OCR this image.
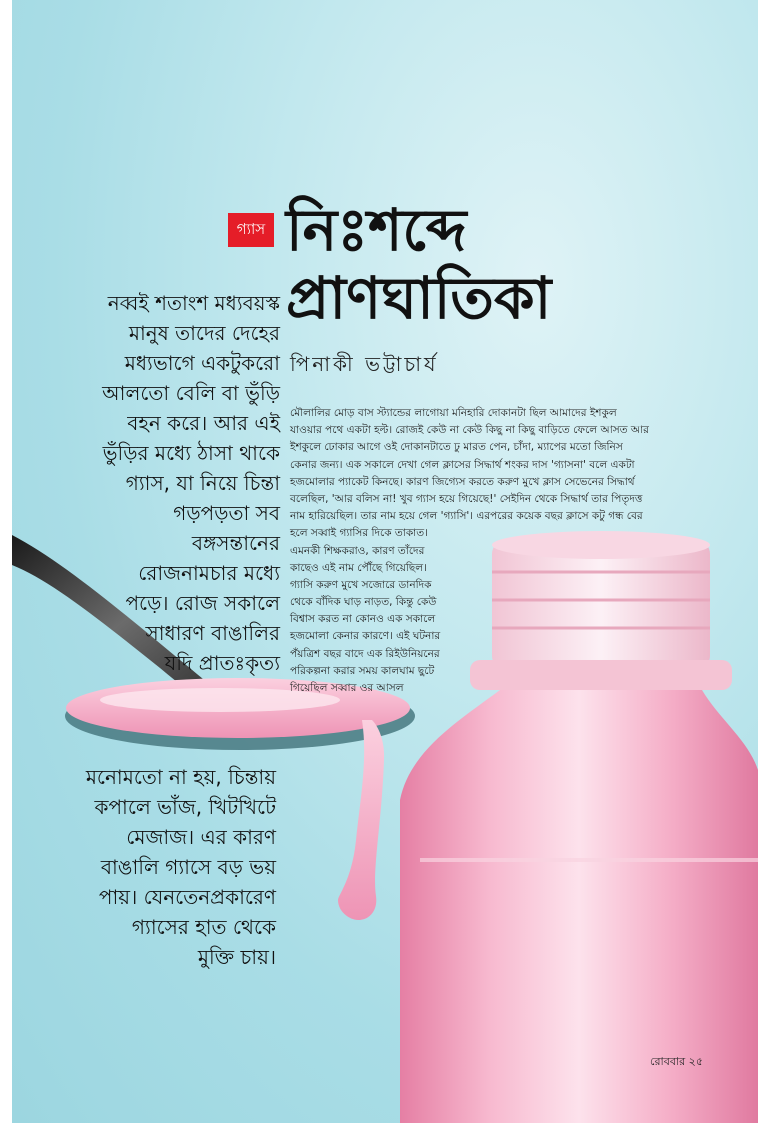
গ্যাস নিঃশব্দে
প্রাণঘাতিকা
পিনাকী ভট্টাচার্য
নব্বই শতাংশ মধ্যবয়স্ক
মানুষ তাদের দেহের
মধ্যভাগে একটুকরো
আলতো বেলি বা ভুঁড়ি
বহন করে। আর এই
ভুঁড়ির মধ্যে ঠাসা থাকে
গ্যাস, যা নিয়ে চিন্তা
গড়পড়তা সব
বঙ্গসন্তানের
রোজনামচার মধ্যে
পড়ে। রোজ সকালে
সাধারণ বাঙালির
যদি প্রাতঃকৃত্য
মনোমতো না হয়, চিন্তায়
কপালে ভাঁজ, খিটখিটে
মেজাজ। এর কারণ
বাঙালি গ্যাসে বড় ভয়
পায়। যেনতেনপ্রকারেণ
গ্যাসের হাত থেকে
মুক্তি চায়।
মৌলালির মোড় বাস স্ট্যান্ডের লাগোয়া মনিহারি দোকানটা ছিল আমাদের ইশকুল
যাওয়ার পথে একটা হল্ট। রোজই কেউ না কেউ কিছু না কিছু বাড়িতে ফেলে আসত আর
ইশকুলে ঢোকার আগে ওই দোকানটাতে ঢু মারত পেন, চাঁদা, ম্যাপের মতো জিনিস
কেনার জন্য। এক সকালে দেখা গেল ক্লাসের সিদ্ধার্থ শংকর দাস 'গ্যাসনা' বলে একটা
হজমোলার প্যাকেট কিনছে। কারণ জিগ্যেস করতে করুণ মুখে ক্লাস সেভেনের সিদ্ধার্থ
বলেছিল, 'আর বলিস না! খুব গ্যাস হয়ে গিয়েছে!' সেইদিন থেকে সিদ্ধার্থ তার পিতৃদত্ত
নাম হারিয়েছিল। তার নাম হয়ে গেল 'গ্যাসি'। এরপরের কয়েক বছর ক্লাসে কটু গন্ধ বের
হলে সব্বাই গ্যাসির দিকে তাকাত।
এমনকী শিক্ষকরাও, কারণ তাঁদের
কাছেও এই নাম পৌঁছে গিয়েছিল।
গ্যাসি করুণ মুখে সজোরে ডানদিক
থেকে বাঁদিক ঘাড় নাড়ত, কিন্তু কেউ
বিশ্বাস করত না কোনও এক সকালে
হজমোলা কেনার কারণে। এই ঘটনার
পঁয়ত্রিশ বছর বাদে এক রিইউনিয়নের
পরিকল্পনা করার সময় কালঘাম ছুটে
গিয়েছিল সব্বার ওর আসল
রোববার ২৫
